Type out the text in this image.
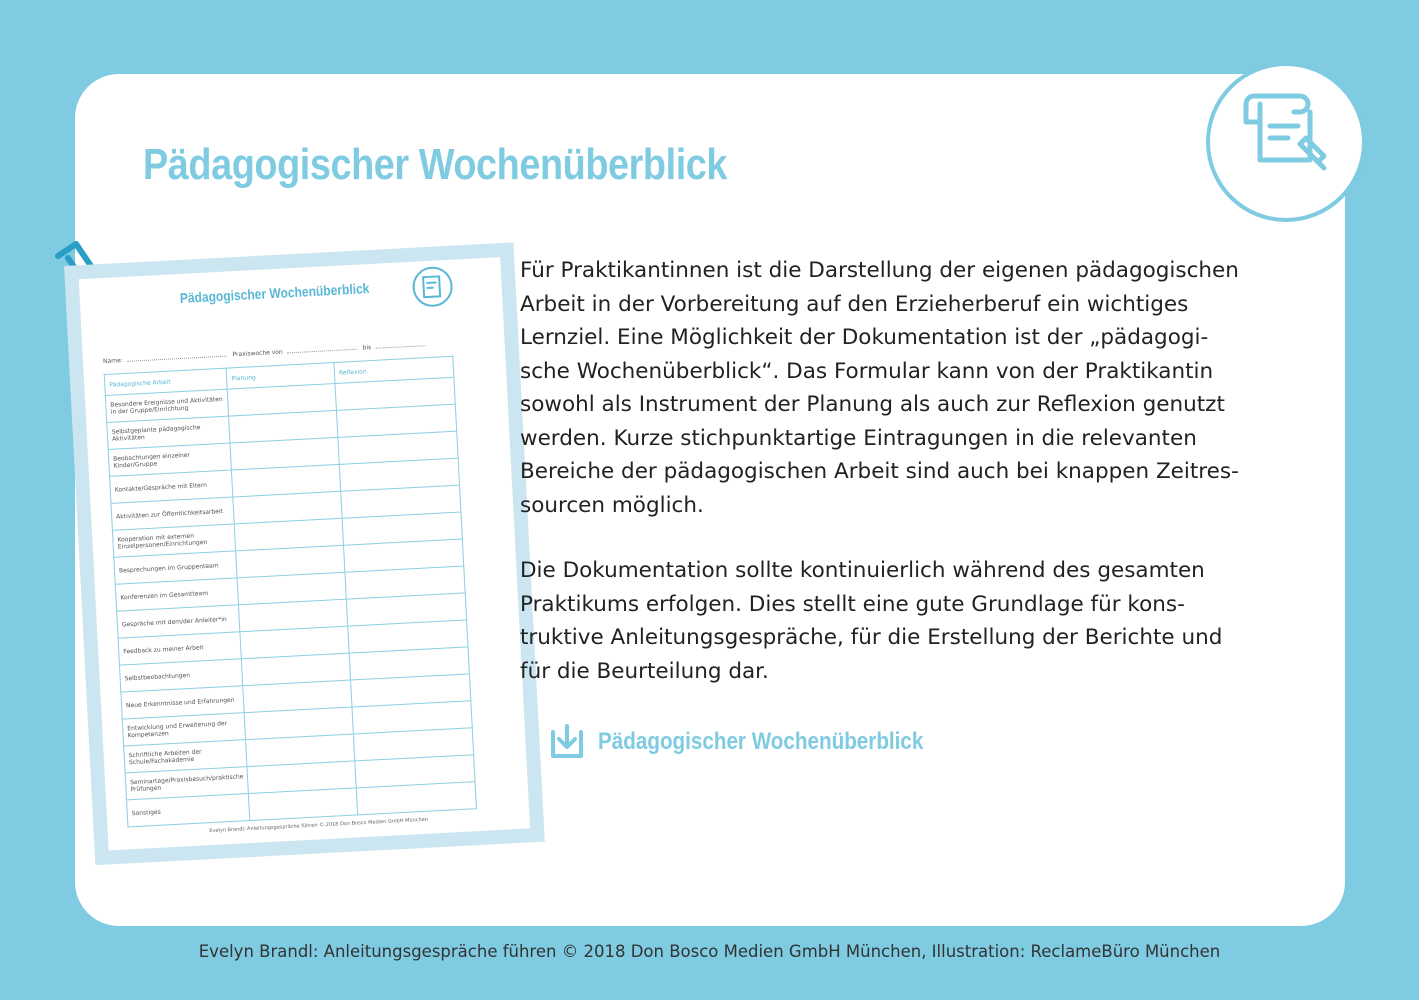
Pädagogischer Wochenüberblick
Pädagogischer Wochenüberblick
Name: Praxiswoche von bis
Pädagogische Arbeit	Planung	Reflexion
Besondere Ereignisse und Aktivitäten in der Gruppe/Einrichtung		
Selbstgeplante pädagogische Aktivitäten		
Beobachtungen einzelner Kinder/Gruppe		
Kontakte/Gespräche mit Eltern		
Aktivitäten zur Öffentlichkeitsarbeit		
Kooperation mit externen Einzelpersonen/Einrichtungen		
Besprechungen im Gruppenteam		
Konferenzen im Gesamtteam		
Gespräche mit dem/der Anleiter*in		
Feedback zu meiner Arbeit		
Selbstbeobachtungen		
Neue Erkenntnisse und Erfahrungen		
Entwicklung und Erweiterung der Kompetenzen		
Schriftliche Arbeiten der Schule/Fachakademie		
Seminartage/Praxisbesuch/praktische Prüfungen		
Sonstiges		
Evelyn Brandl: Anleitungsgespräche führen © 2018 Don Bosco Medien GmbH München
Für Praktikantinnen ist die Darstellung der eigenen pädagogischen
Arbeit in der Vorbereitung auf den Erzieherberuf ein wichtiges
Lernziel. Eine Möglichkeit der Dokumentation ist der „pädagogi-
sche Wochenüberblick“. Das Formular kann von der Praktikantin
sowohl als Instrument der Planung als auch zur Reflexion genutzt
werden. Kurze stichpunktartige Eintragungen in die relevanten
Bereiche der pädagogischen Arbeit sind auch bei knappen Zeitres-
sourcen möglich.
Die Dokumentation sollte kontinuierlich während des gesamten
Praktikums erfolgen. Dies stellt eine gute Grundlage für kons-
truktive Anleitungsgespräche, für die Erstellung der Berichte und
für die Beurteilung dar.
Pädagogischer Wochenüberblick
Evelyn Brandl: Anleitungsgespräche führen © 2018 Don Bosco Medien GmbH München, Illustration: ReclameBüro München
